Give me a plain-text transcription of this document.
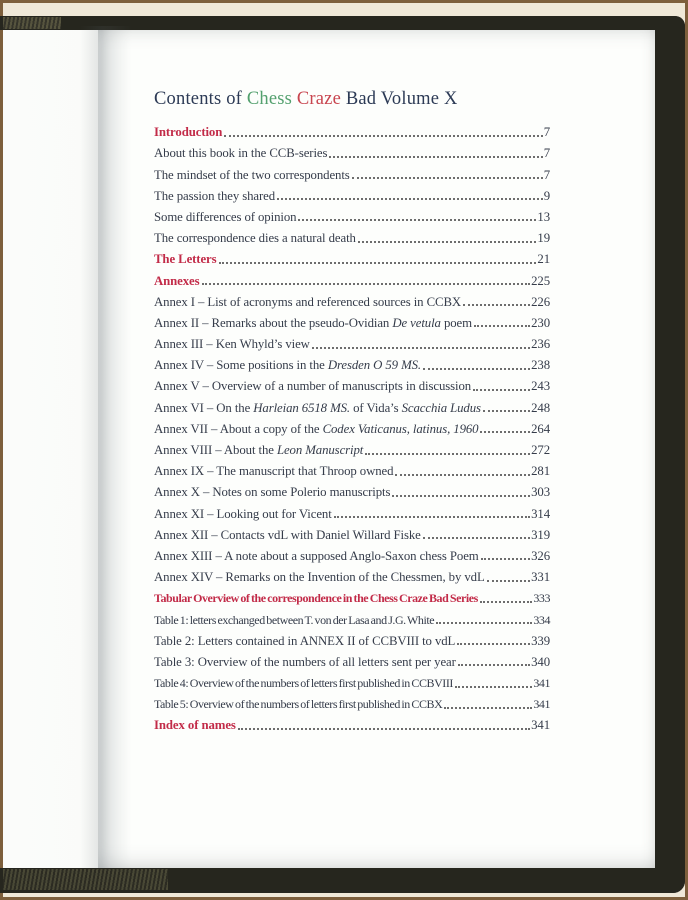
Contents of Chess Craze Bad Volume X
Introduction	7
About this book in the CCB-series	7
The mindset of the two correspondents	7
The passion they shared	9
Some differences of opinion	13
The correspondence dies a natural death	19
The Letters	21
Annexes	225
Annex I – List of acronyms and referenced sources in CCBX	226
Annex II – Remarks about the pseudo-Ovidian De vetula poem	230
Annex III – Ken Whyld’s view	236
Annex IV – Some positions in the Dresden O 59 MS.	238
Annex V – Overview of a number of manuscripts in discussion	243
Annex VI – On the Harleian 6518 MS. of Vida’s Scacchia Ludus	248
Annex VII – About a copy of the Codex Vaticanus, latinus, 1960	264
Annex VIII – About the Leon Manuscript	272
Annex IX – The manuscript that Throop owned	281
Annex X – Notes on some Polerio manuscripts	303
Annex XI – Looking out for Vicent	314
Annex XII – Contacts vdL with Daniel Willard Fiske	319
Annex XIII – A note about a supposed Anglo-Saxon chess Poem	326
Annex XIV – Remarks on the Invention of the Chessmen, by vdL	331
Tabular Overview of the correspondence in the Chess Craze Bad Series	333
Table 1: letters exchanged between T. von der Lasa and J.G. White	334
Table 2: Letters contained in ANNEX II of CCBVIII to vdL	339
Table 3: Overview of the numbers of all letters sent per year	340
Table 4: Overview of the numbers of letters first published in CCBVIII	341
Table 5: Overview of the numbers of letters first published in CCBX	341
Index of names	341
